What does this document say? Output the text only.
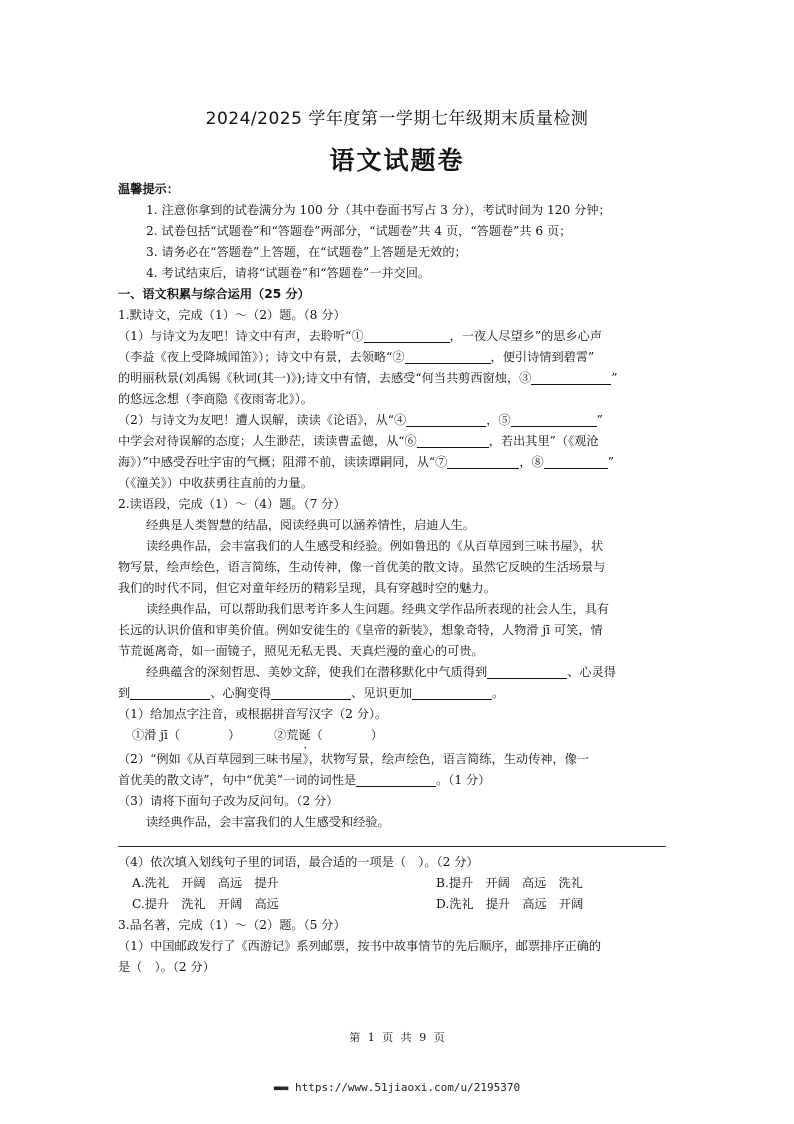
2024/2025 学年度第一学期七年级期末质量检测
语文试题卷
温馨提示：
1. 注意你拿到的试卷满分为 100 分（其中卷面书写占 3 分），考试时间为 120 分钟；
2. 试卷包括“试题卷”和“答题卷”两部分，“试题卷”共 4 页，“答题卷”共 6 页；
3. 请务必在“答题卷”上答题，在“试题卷”上答题是无效的；
4. 考试结束后，请将“试题卷”和“答题卷”一并交回。
一、语文积累与综合运用（25 分）
1.默诗文，完成（1）～（2）题。（8 分）
（1）与诗文为友吧！诗文中有声，去聆听“①	，一夜人尽望乡”的思乡心声
（李益《夜上受降城闻笛》）；诗文中有景，去领略“②	，便引诗情到碧霄”
的明丽秋景(刘禹锡《秋词(其一)》);诗文中有情，去感受“何当共剪西窗烛，③	”
的悠远念想（李商隐《夜雨寄北》）。
（2）与诗文为友吧！遭人误解，读读《论语》，从“④	，⑤	”
中学会对待误解的态度；人生渺茫，读读曹孟德，从“⑥	，若出其里”（《观沧
海》）”中感受吞吐宇宙的气概；阻滞不前，读读谭嗣同，从“⑦	，⑧	”
（《潼关》）中收获勇往直前的力量。
2.读语段，完成（1）～（4）题。（7 分）
经典是人类智慧的结晶，阅读经典可以涵养情性，启迪人生。
读经典作品，会丰富我们的人生感受和经验。例如鲁迅的《从百草园到三味书屋》，状
物写景，绘声绘色，语言简练，生动传神，像一首优美的散文诗。虽然它反映的生活场景与
我们的时代不同，但它对童年经历的精彩呈现，具有穿越时空的魅力。
读经典作品，可以帮助我们思考许多人生问题。经典文学作品所表现的社会人生，具有
长远的认识价值和审美价值。例如安徒生的《皇帝的新装》，想象奇特，人物滑 jī 可笑，情
节荒诞离奇，如一面镜子，照见无私无畏、天真烂漫的童心的可贵。
经典蕴含的深刻哲思、美妙文辞，使我们在潜移默化中气质得到	、心灵得
到	、心胸变得	、见识更加	。
（1）给加点字注音，或根据拼音写汉字（2 分）。
①滑 jī（	）	②荒诞（	）
（2）“例如《从百草园到三味书屋》，状物写景，绘声绘色，语言简练，生动传神，像一
首优美的散文诗”，句中“优美”一词的词性是	。（1 分）
（3）请将下面句子改为反问句。（2 分）
读经典作品，会丰富我们的人生感受和经验。
（4）依次填入划线句子里的词语，最合适的一项是（　）。（2 分）
A.洗礼　开阔　高远　提升	B.提升　开阔　高远　洗礼
C.提升　洗礼　开阔　高远	D.洗礼　提升　高远　开阔
3.品名著，完成（1）～（2）题。（5 分）
（1）中国邮政发行了《西游记》系列邮票，按书中故事情节的先后顺序，邮票排序正确的
是（　）。（2 分）
第 1 页 共 9 页
■■■■ https://www.51jiaoxi.com/u/2195370
